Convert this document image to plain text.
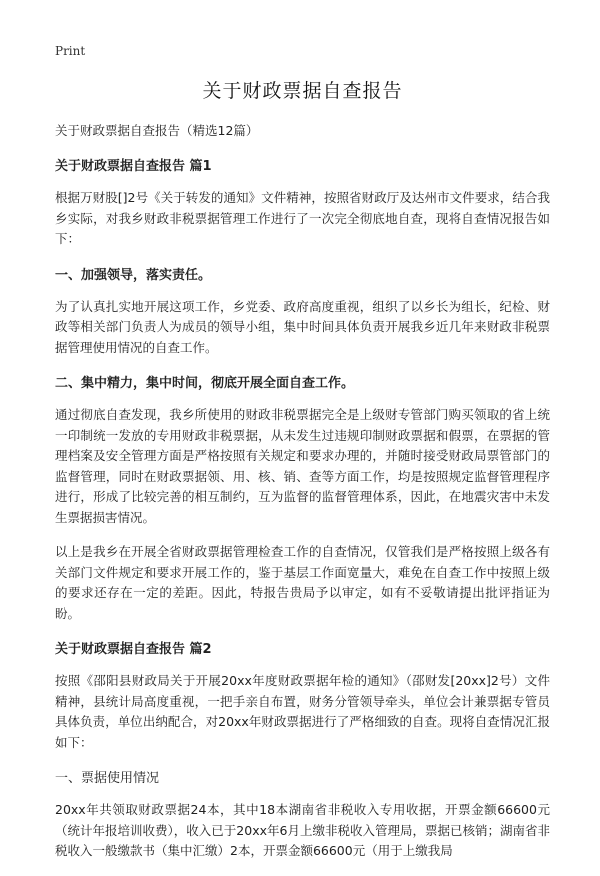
Print
关于财政票据自查报告

关于财政票据自查报告（精选12篇）

关于财政票据自查报告 篇1

根据万财股[]2号《关于转发的通知》文件精神，按照省财政厅及达州市文件要求，结合我乡实际，对我乡财政非税票据管理工作进行了一次完全彻底地自查，现将自查情况报告如下：

一、加强领导，落实责任。

为了认真扎实地开展这项工作，乡党委、政府高度重视，组织了以乡长为组长，纪检、财政等相关部门负责人为成员的领导小组，集中时间具体负责开展我乡近几年来财政非税票据管理使用情况的自查工作。

二、集中精力，集中时间，彻底开展全面自查工作。

通过彻底自查发现，我乡所使用的财政非税票据完全是上级财专管部门购买领取的省上统一印制统一发放的专用财政非税票据，从未发生过违规印制财政票据和假票，在票据的管理档案及安全管理方面是严格按照有关规定和要求办理的，并随时接受财政局票管部门的监督管理，同时在财政票据领、用、核、销、查等方面工作，均是按照规定监督管理程序进行，形成了比较完善的相互制约，互为监督的监督管理体系，因此，在地震灾害中未发生票据损害情况。

以上是我乡在开展全省财政票据管理检查工作的自查情况，仅管我们是严格按照上级各有关部门文件规定和要求开展工作的，鉴于基层工作面宽量大，难免在自查工作中按照上级的要求还存在一定的差距。因此，特报告贵局予以审定，如有不妥敬请提出批评指证为盼。

关于财政票据自查报告 篇2

按照《邵阳县财政局关于开展20xx年度财政票据年检的通知》（邵财发[20xx]2号）文件精神，县统计局高度重视，一把手亲自布置，财务分管领导牵头，单位会计兼票据专管员具体负责，单位出纳配合，对20xx年财政票据进行了严格细致的自查。现将自查情况汇报如下：

一、票据使用情况

20xx年共领取财政票据24本，其中18本湖南省非税收入专用收据，开票金额66600元（统计年报培训收费），收入已于20xx年6月上缴非税收入管理局，票据已核销；湖南省非税收入一般缴款书（集中汇缴）2本，开票金额66600元（用于上缴我局
